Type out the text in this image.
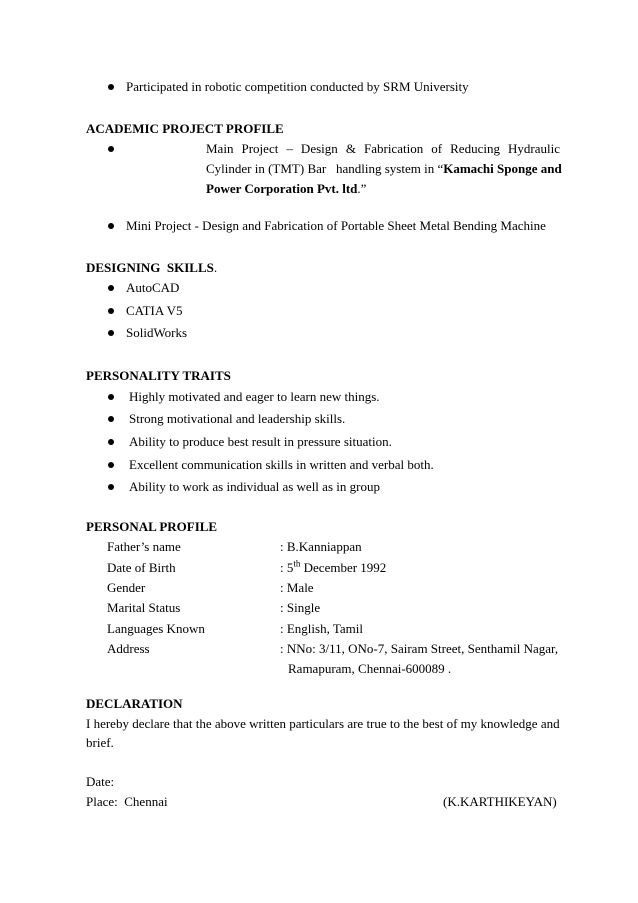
Participated in robotic competition conducted by SRM University
ACADEMIC PROJECT PROFILE
Main Project – Design & Fabrication of Reducing Hydraulic
Cylinder in (TMT) Bar   handling system in “Kamachi Sponge and
Power Corporation Pvt. ltd.”
Mini Project - Design and Fabrication of Portable Sheet Metal Bending Machine
DESIGNING  SKILLS.
AutoCAD
CATIA V5
SolidWorks
PERSONALITY TRAITS
Highly motivated and eager to learn new things.
Strong motivational and leadership skills.
Ability to produce best result in pressure situation.
Excellent communication skills in written and verbal both.
Ability to work as individual as well as in group
PERSONAL PROFILE
Father’s name	: B.Kanniappan
Date of Birth	: 5th December 1992
Gender	: Male
Marital Status	: Single
Languages Known	: English, Tamil
Address	: NNo: 3/11, ONo-7, Sairam Street, Senthamil Nagar,
Ramapuram, Chennai-600089 .
DECLARATION
I hereby declare that the above written particulars are true to the best of my knowledge and
brief.
Date:
Place:  Chennai	(K.KARTHIKEYAN)
